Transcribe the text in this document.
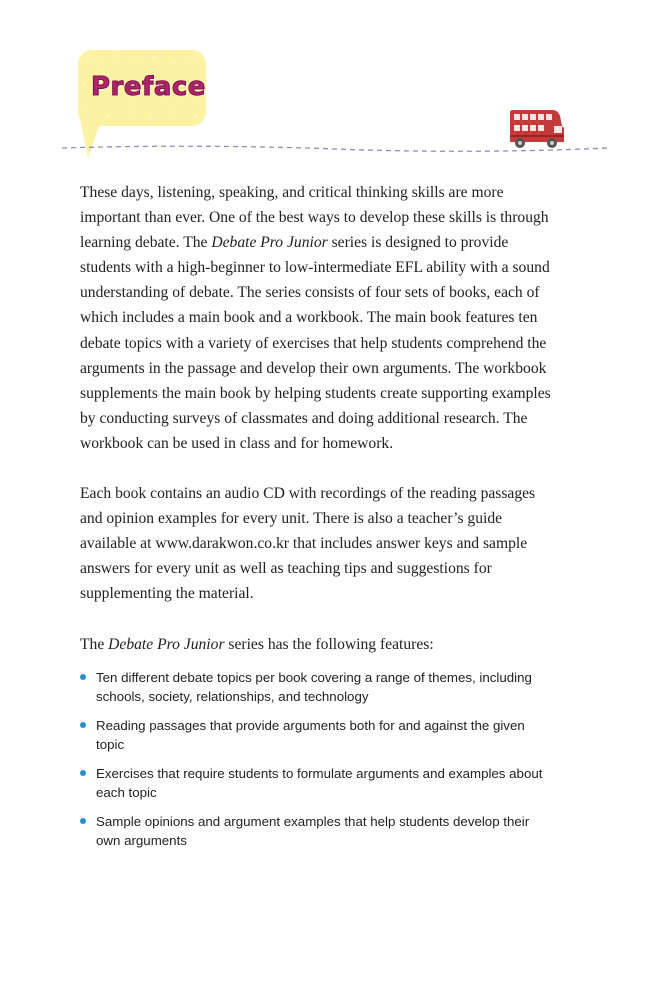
Preface

These days, listening, speaking, and critical thinking skills are more important than ever. One of the best ways to develop these skills is through learning debate. The Debate Pro Junior series is designed to provide students with a high-beginner to low-intermediate EFL ability with a sound understanding of debate. The series consists of four sets of books, each of which includes a main book and a workbook. The main book features ten debate topics with a variety of exercises that help students comprehend the arguments in the passage and develop their own arguments. The workbook supplements the main book by helping students create supporting examples by conducting surveys of classmates and doing additional research. The workbook can be used in class and for homework.

Each book contains an audio CD with recordings of the reading passages and opinion examples for every unit. There is also a teacher’s guide available at www.darakwon.co.kr that includes answer keys and sample answers for every unit as well as teaching tips and suggestions for supplementing the material.

The Debate Pro Junior series has the following features:

Ten different debate topics per book covering a range of themes, including schools, society, relationships, and technology
Reading passages that provide arguments both for and against the given topic
Exercises that require students to formulate arguments and examples about each topic
Sample opinions and argument examples that help students develop their own arguments
